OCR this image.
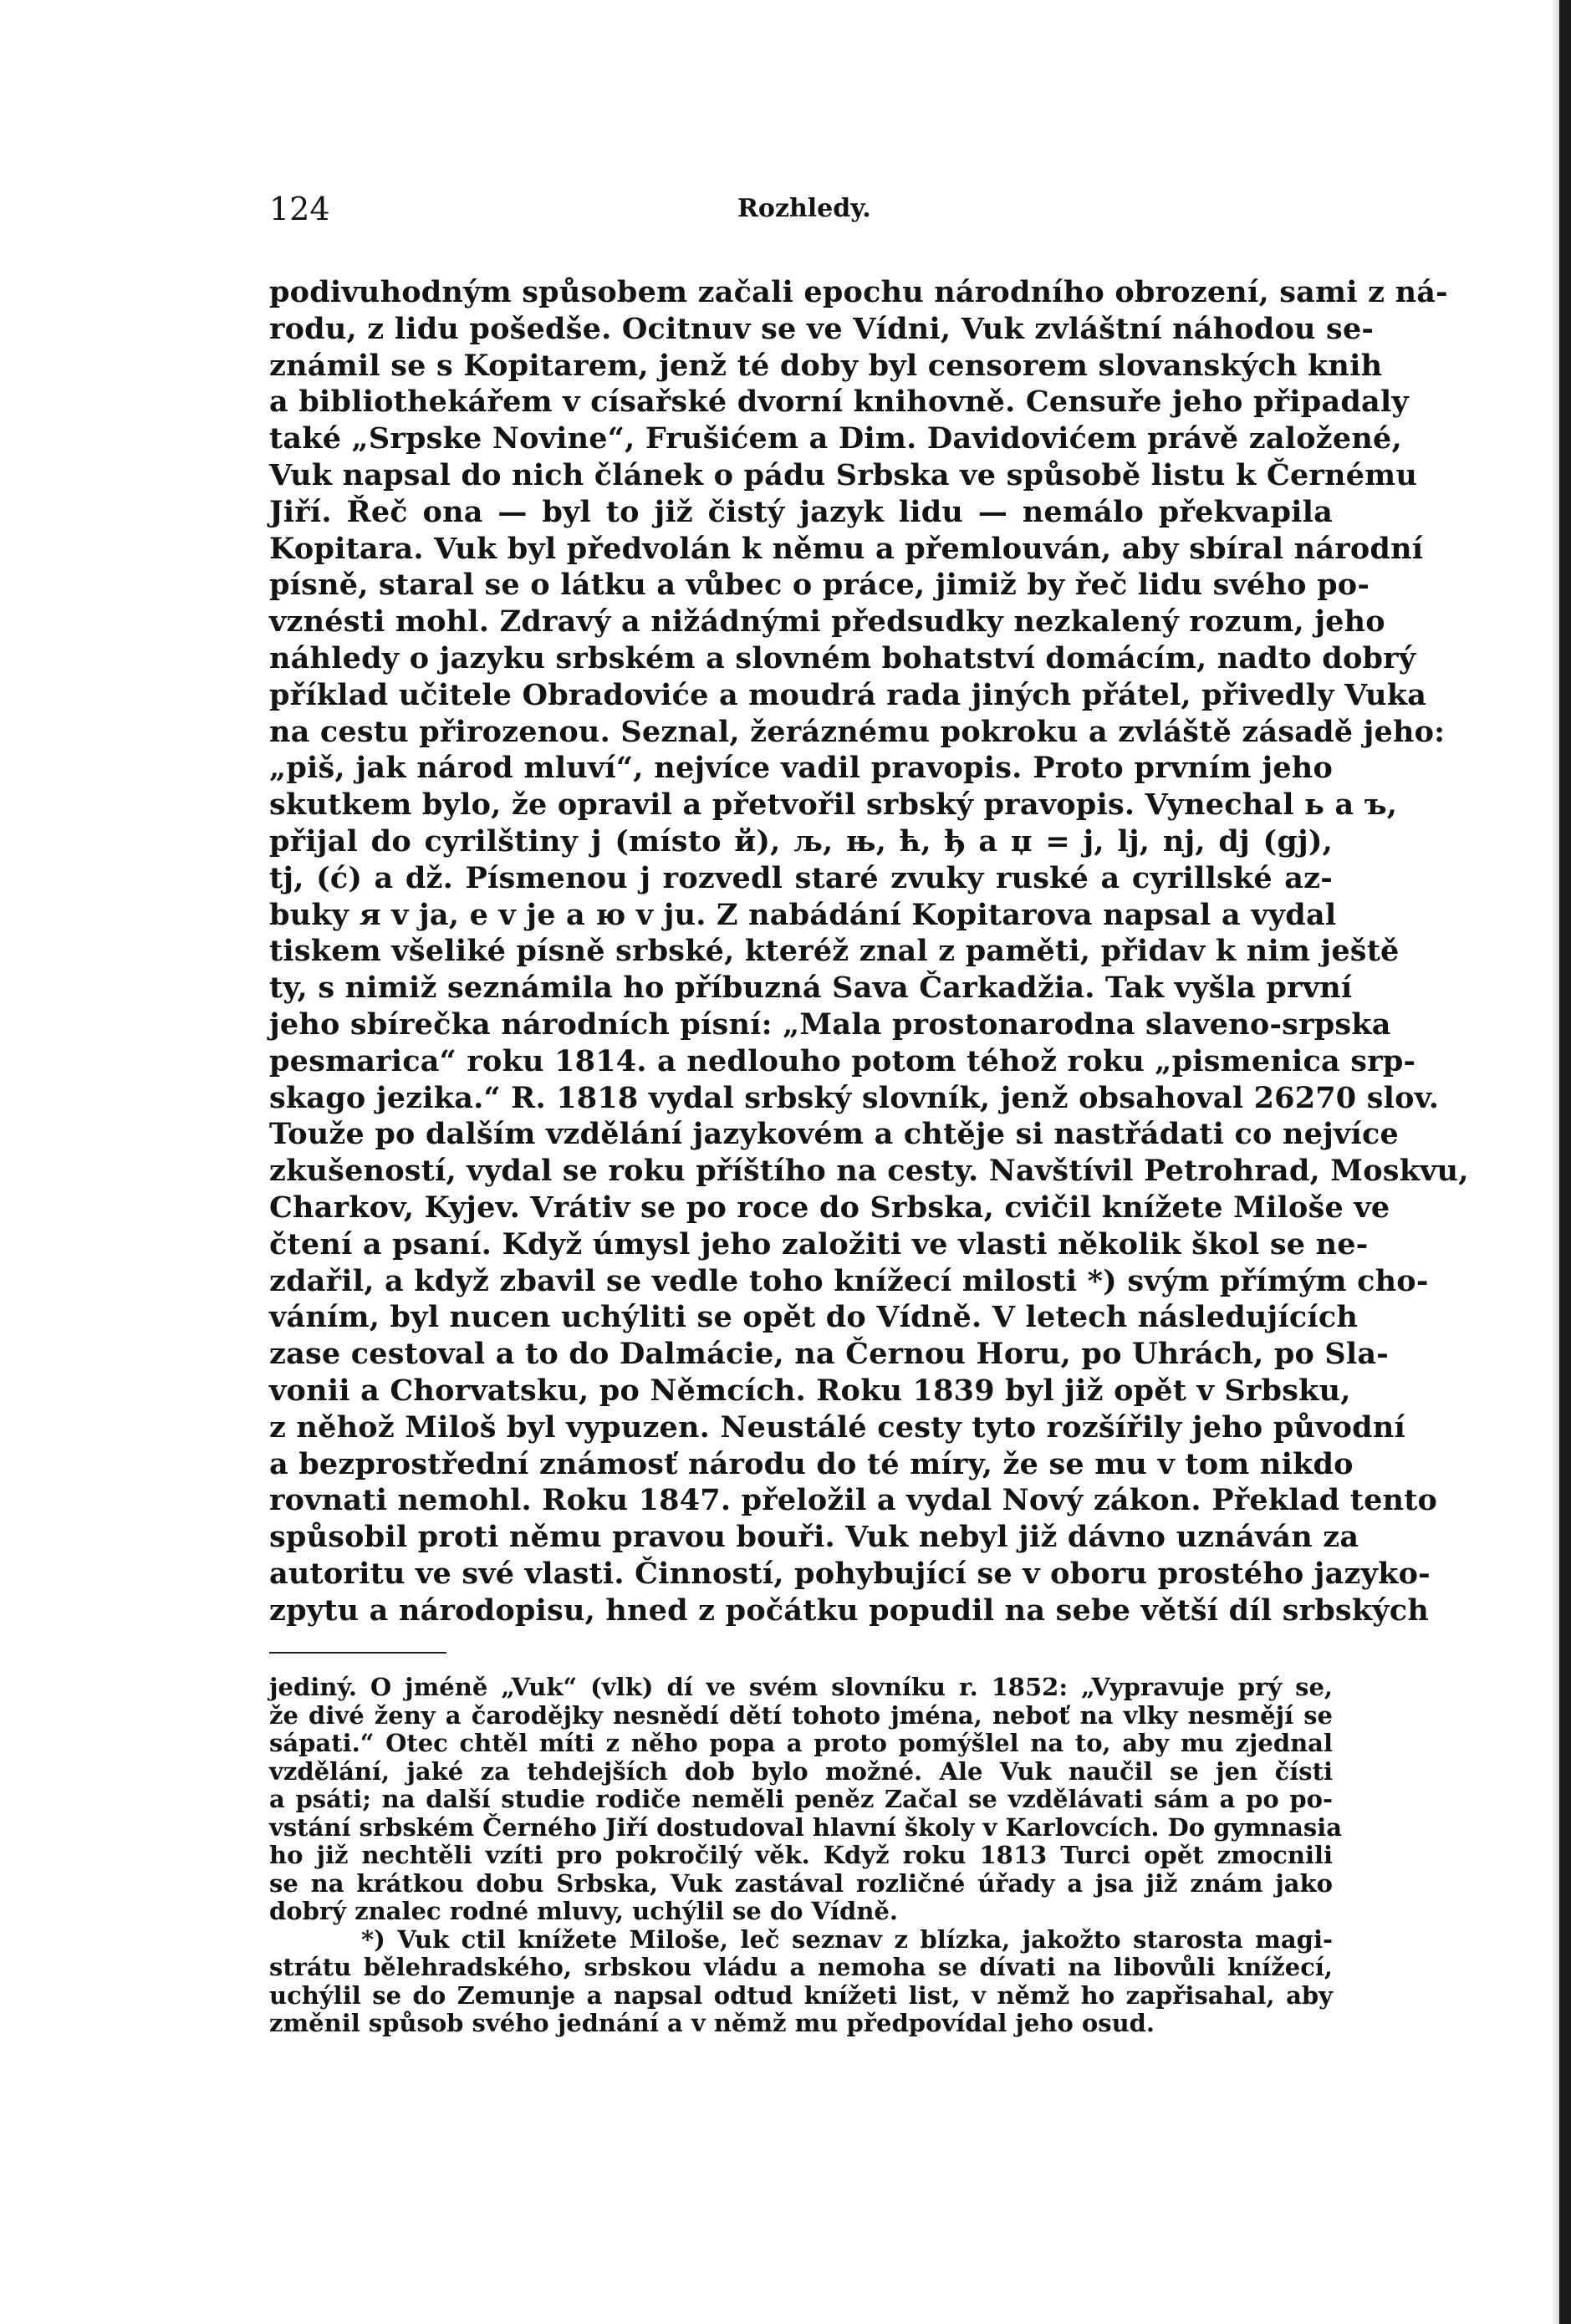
124	Rozhledy.
podivuhodným spůsobem začali epochu národního obrození, sami z ná-
rodu, z lidu pošedše. Ocitnuv se ve Vídni, Vuk zvláštní náhodou se-
známil se s Kopitarem, jenž té doby byl censorem slovanských knih
a bibliothekářem v císařské dvorní knihovně. Censuře jeho připadaly
také „Srpske Novine“, Frušićem a Dim. Davidovićem právě založené,
Vuk napsal do nich článek o pádu Srbska ve spůsobě listu k Černému
Jiří. Řeč ona — byl to již čistý jazyk lidu — nemálo překvapila
Kopitara. Vuk byl předvolán k němu a přemlouván, aby sbíral národní
písně, staral se o látku a vůbec o práce, jimiž by řeč lidu svého po-
vznésti mohl. Zdravý a nižádnými předsudky nezkalený rozum, jeho
náhledy o jazyku srbském a slovném bohatství domácím, nadto dobrý
příklad učitele Obradoviće a moudrá rada jiných přátel, přivedly Vuka
na cestu přirozenou. Seznal, žeráznému pokroku a zvláště zásadě jeho:
„piš, jak národ mluví“, nejvíce vadil pravopis. Proto prvním jeho
skutkem bylo, že opravil a přetvořil srbský pravopis. Vynechal ь a ъ,
přijal do cyrilštiny j (místo й), љ, њ, ћ, ђ a џ = j, lj, nj, dj (gj),
tj, (ć) a dž. Písmenou j rozvedl staré zvuky ruské a cyrillské az-
buky я v ja, e v je a ю v ju. Z nabádání Kopitarova napsal a vydal
tiskem všeliké písně srbské, kteréž znal z paměti, přidav k nim ještě
ty, s nimiž seznámila ho příbuzná Sava Čarkadžia. Tak vyšla první
jeho sbírečka národních písní: „Mala prostonarodna slaveno-srpska
pesmarica“ roku 1814. a nedlouho potom téhož roku „pismenica srp-
skago jezika.“ R. 1818 vydal srbský slovník, jenž obsahoval 26270 slov.
Touže po dalším vzdělání jazykovém a chtěje si nastřádati co nejvíce
zkušeností, vydal se roku příštího na cesty. Navštívil Petrohrad, Moskvu,
Charkov, Kyjev. Vrátiv se po roce do Srbska, cvičil knížete Miloše ve
čtení a psaní. Když úmysl jeho založiti ve vlasti několik škol se ne-
zdařil, a když zbavil se vedle toho knížecí milosti *) svým přímým cho-
váním, byl nucen uchýliti se opět do Vídně. V letech následujících
zase cestoval a to do Dalmácie, na Černou Horu, po Uhrách, po Sla-
vonii a Chorvatsku, po Němcích. Roku 1839 byl již opět v Srbsku,
z něhož Miloš byl vypuzen. Neustálé cesty tyto rozšířily jeho původní
a bezprostřední známosť národu do té míry, že se mu v tom nikdo
rovnati nemohl. Roku 1847. přeložil a vydal Nový zákon. Překlad tento
spůsobil proti němu pravou bouři. Vuk nebyl již dávno uznáván za
autoritu ve své vlasti. Činností, pohybující se v oboru prostého jazyko-
zpytu a národopisu, hned z počátku popudil na sebe větší díl srbských
jediný. O jméně „Vuk“ (vlk) dí ve svém slovníku r. 1852: „Vypravuje prý se,
že divé ženy a čarodějky nesnědí dětí tohoto jména, neboť na vlky nesmějí se
sápati.“ Otec chtěl míti z něho popa a proto pomýšlel na to, aby mu zjednal
vzdělání, jaké za tehdejších dob bylo možné. Ale Vuk naučil se jen čísti
a psáti; na další studie rodiče neměli peněz Začal se vzdělávati sám a po po-
vstání srbském Černého Jiří dostudoval hlavní školy v Karlovcích. Do gymnasia
ho již nechtěli vzíti pro pokročilý věk. Když roku 1813 Turci opět zmocnili
se na krátkou dobu Srbska, Vuk zastával rozličné úřady a jsa již znám jako
dobrý znalec rodné mluvy, uchýlil se do Vídně.
*) Vuk ctil knížete Miloše, leč seznav z blízka, jakožto starosta magi-
strátu bělehradského, srbskou vládu a nemoha se dívati na libovůli knížecí,
uchýlil se do Zemunje a napsal odtud knížeti list, v němž ho zapřisahal, aby
změnil spůsob svého jednání a v němž mu předpovídal jeho osud.
